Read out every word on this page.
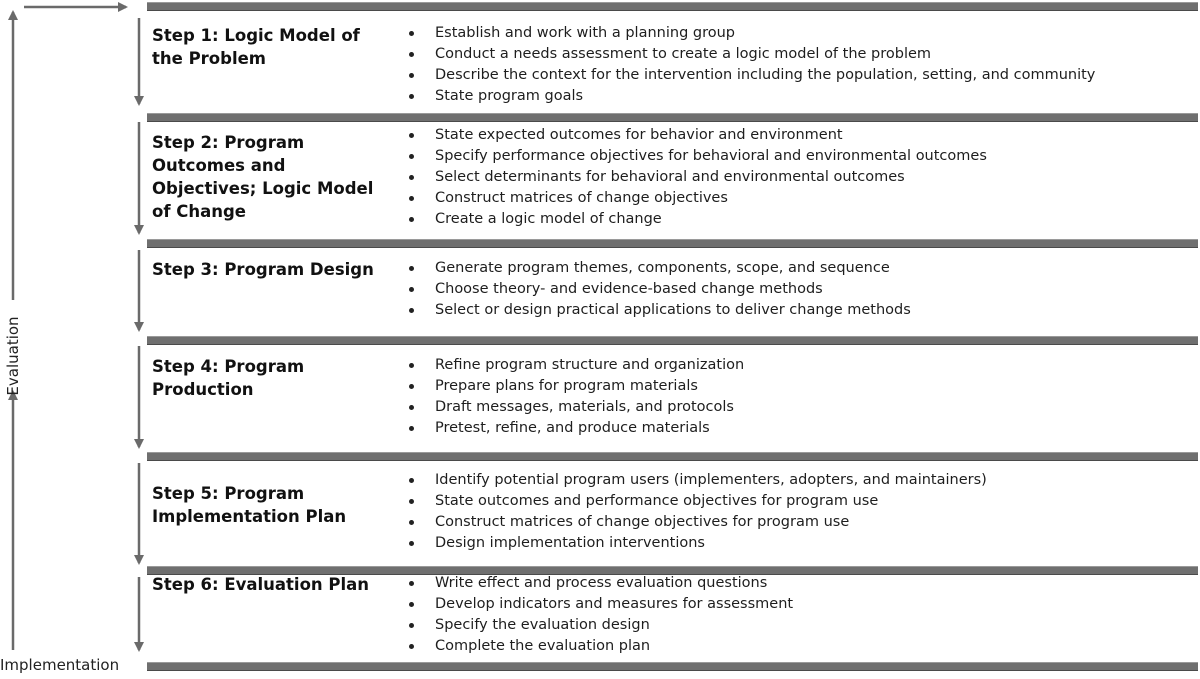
Evaluation
Implementation
Step 1: Logic Model of the Problem
Establish and work with a planning group
Conduct a needs assessment to create a logic model of the problem
Describe the context for the intervention including the population, setting, and community
State program goals
Step 2: Program Outcomes and Objectives; Logic Model of Change
State expected outcomes for behavior and environment
Specify performance objectives for behavioral and environmental outcomes
Select determinants for behavioral and environmental outcomes
Construct matrices of change objectives
Create a logic model of change
Step 3: Program Design	Generate program themes, components, scope, and sequence
Choose theory- and evidence-based change methods
Select or design practical applications to deliver change methods
Step 4: Program Production
Refine program structure and organization
Prepare plans for program materials
Draft messages, materials, and protocols
Pretest, refine, and produce materials
Step 5: Program Implementation Plan
Identify potential program users (implementers, adopters, and maintainers)
State outcomes and performance objectives for program use
Construct matrices of change objectives for program use
Design implementation interventions
Step 6: Evaluation Plan	Write effect and process evaluation questions
Develop indicators and measures for assessment
Specify the evaluation design
Complete the evaluation plan
